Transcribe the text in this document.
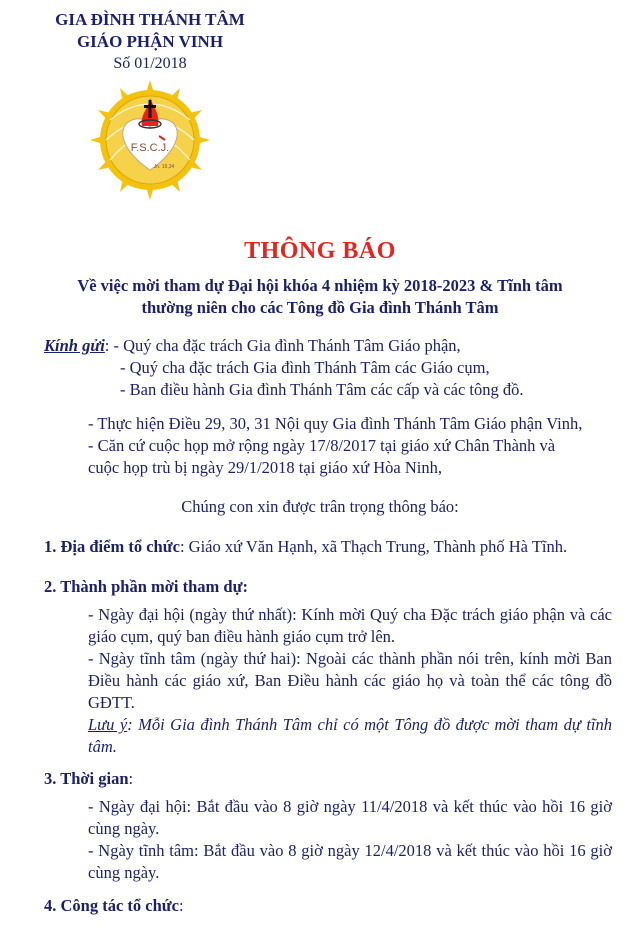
GIA ĐÌNH THÁNH TÂM
GIÁO PHẬN VINH
Số 01/2018
F.S.C.J.
Jn. 19,34
THÔNG BÁO
Về việc mời tham dự Đại hội khóa 4 nhiệm kỳ 2018-2023 & Tĩnh tâm
thường niên cho các Tông đồ Gia đình Thánh Tâm
Kính gửi: - Quý cha đặc trách Gia đình Thánh Tâm Giáo phận,
- Quý cha đặc trách Gia đình Thánh Tâm các Giáo cụm,
- Ban điều hành Gia đình Thánh Tâm các cấp và các tông đồ.
- Thực hiện Điều 29, 30, 31 Nội quy Gia đình Thánh Tâm Giáo phận Vinh,
- Căn cứ cuộc họp mở rộng ngày 17/8/2017 tại giáo xứ Chân Thành và
cuộc họp trù bị ngày 29/1/2018 tại giáo xứ Hòa Ninh,
Chúng con xin được trân trọng thông báo:
1. Địa điểm tổ chức: Giáo xứ Văn Hạnh, xã Thạch Trung, Thành phố Hà Tĩnh.
2. Thành phần mời tham dự:
- Ngày đại hội (ngày thứ nhất): Kính mời Quý cha Đặc trách giáo phận và các giáo cụm, quý ban điều hành giáo cụm trở lên.
- Ngày tĩnh tâm (ngày thứ hai): Ngoài các thành phần nói trên, kính mời Ban Điều hành các giáo xứ, Ban Điều hành các giáo họ và toàn thể các tông đồ GĐTT.
Lưu ý: Mỗi Gia đình Thánh Tâm chỉ có một Tông đồ được mời tham dự tĩnh tâm.
3. Thời gian:
- Ngày đại hội: Bắt đầu vào 8 giờ ngày 11/4/2018 và kết thúc vào hồi 16 giờ cùng ngày.
- Ngày tĩnh tâm: Bắt đầu vào 8 giờ ngày 12/4/2018 và kết thúc vào hồi 16 giờ cùng ngày.
4. Công tác tổ chức:
